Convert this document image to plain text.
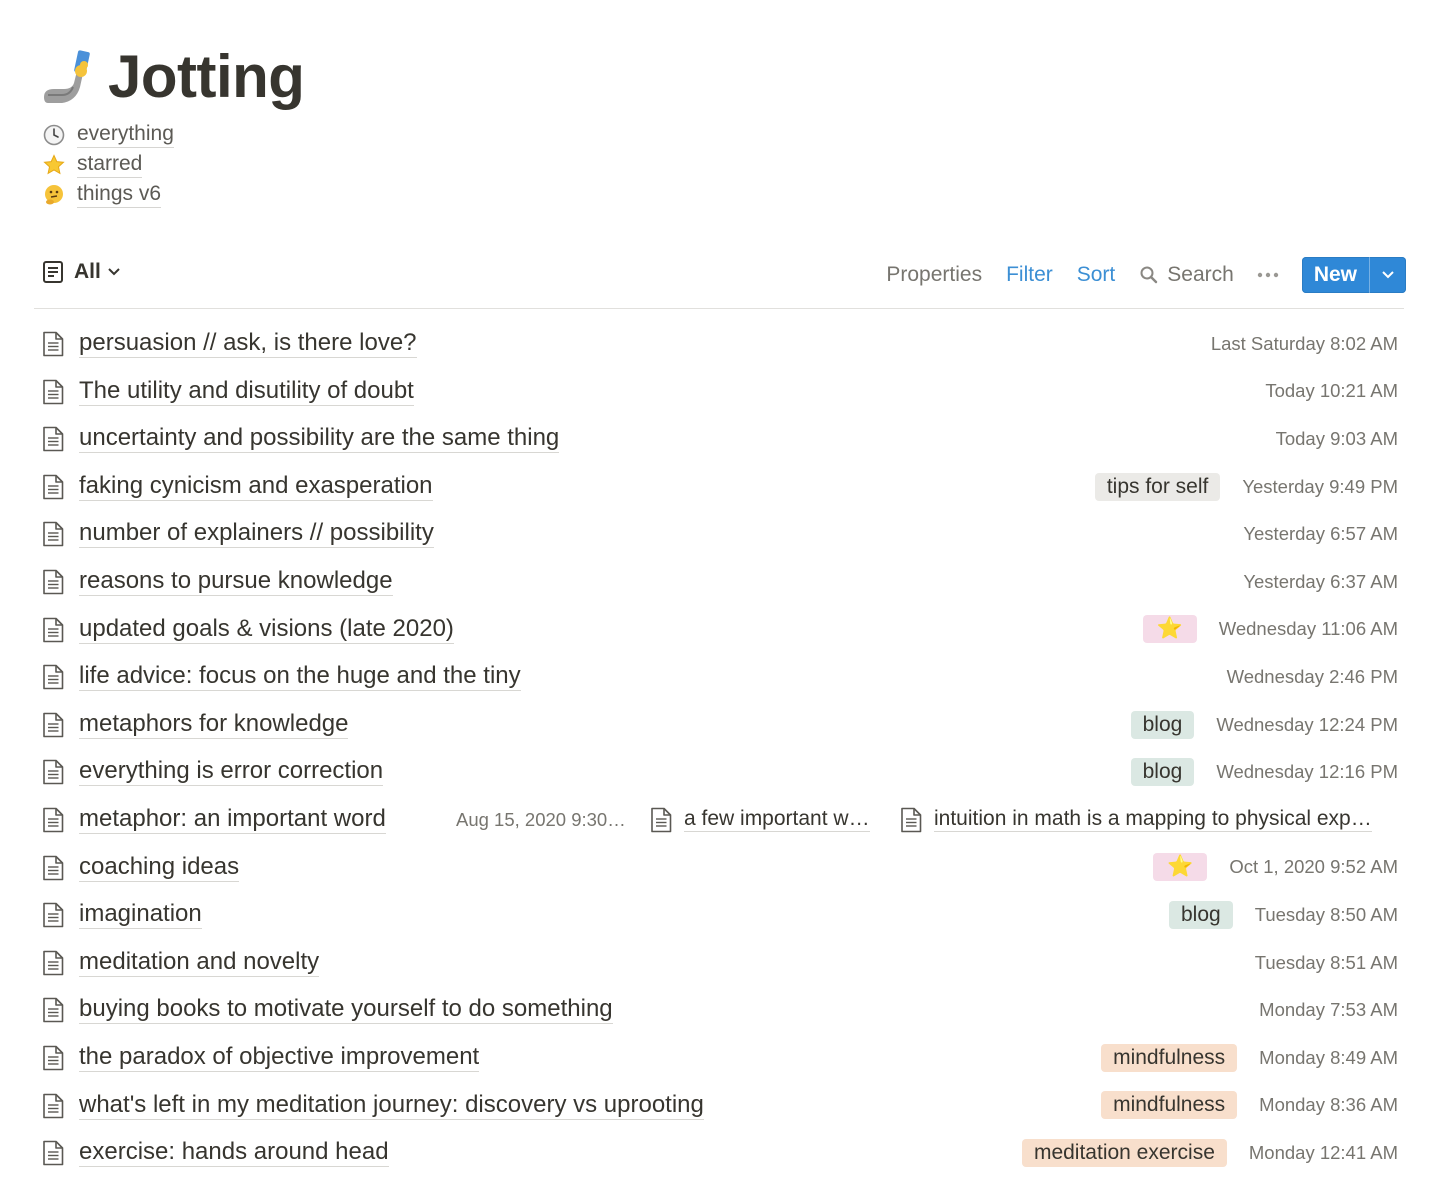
Jotting
everything
starred
things v6
All	Properties Filter Sort Search	New
persuasion // ask, is there love?	Last Saturday 8:02 AM
The utility and disutility of doubt	Today 10:21 AM
uncertainty and possibility are the same thing	Today 9:03 AM
faking cynicism and exasperation	tips for self	Yesterday 9:49 PM
number of explainers // possibility	Yesterday 6:57 AM
reasons to pursue knowledge	Yesterday 6:37 AM
updated goals & visions (late 2020)	⭐	Wednesday 11:06 AM
life advice: focus on the huge and the tiny	Wednesday 2:46 PM
metaphors for knowledge	blog	Wednesday 12:24 PM
everything is error correction	blog	Wednesday 12:16 PM
metaphor: an important word	Aug 15, 2020 9:30…	a few important w…	intuition in math is a mapping to physical exp…
coaching ideas	⭐	Oct 1, 2020 9:52 AM
imagination	blog	Tuesday 8:50 AM
meditation and novelty	Tuesday 8:51 AM
buying books to motivate yourself to do something	Monday 7:53 AM
the paradox of objective improvement	mindfulness	Monday 8:49 AM
what's left in my meditation journey: discovery vs uprooting	mindfulness	Monday 8:36 AM
exercise: hands around head	meditation exercise	Monday 12:41 AM
